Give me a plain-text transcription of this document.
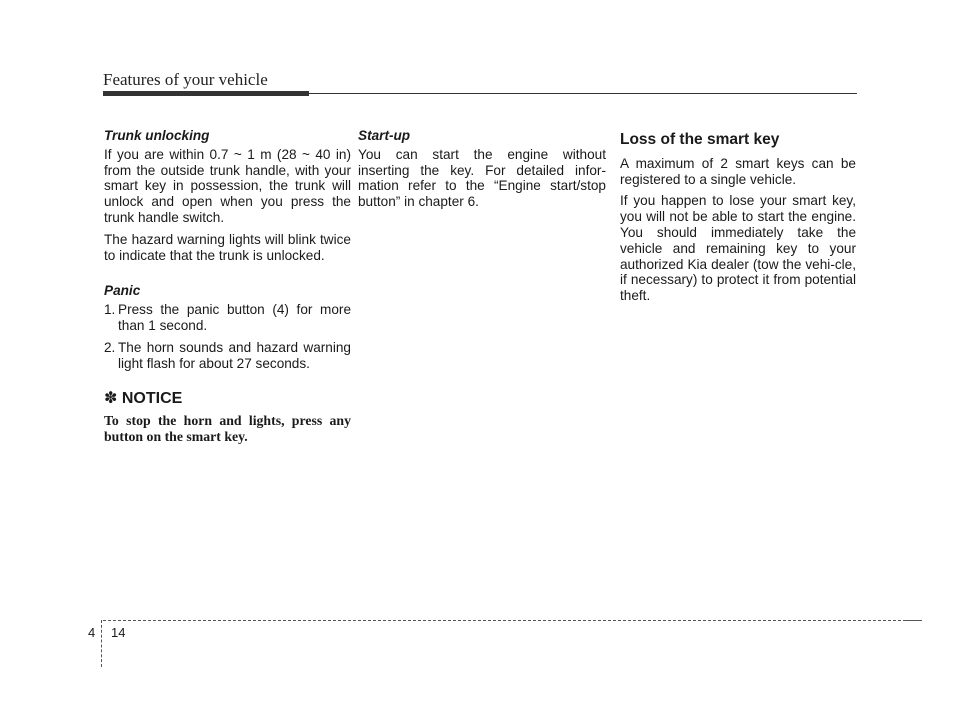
Features of your vehicle
Trunk unlocking

If you are within 0.7 ~ 1 m (28 ~ 40 in) from the outside trunk handle, with your smart key in possession, the trunk will unlock and open when you press the trunk handle switch.

The hazard warning lights will blink twice to indicate that the trunk is unlocked.

Panic
1. Press the panic button (4) for more than 1 second.
2. The horn sounds and hazard warning light flash for about 27 seconds.
✽ NOTICE

To stop the horn and lights, press any button on the smart key.

Start-up

You can start the engine without inserting the key. For detailed infor-mation refer to the “Engine start/stop button” in chapter 6.

Loss of the smart key

A maximum of 2 smart keys can be registered to a single vehicle.

If you happen to lose your smart key, you will not be able to start the engine. You should immediately take the vehicle and remaining key to your authorized Kia dealer (tow the vehi-cle, if necessary) to protect it from potential theft.

4 14
